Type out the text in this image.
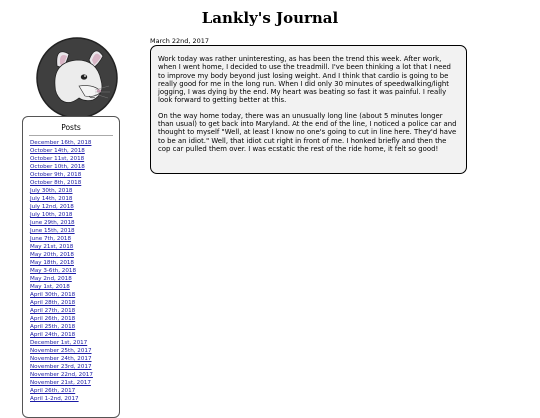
Lankly's Journal
Posts
December 16th, 2018
October 14th, 2018
October 11st, 2018
October 10th, 2018
October 9th, 2018
October 8th, 2018
July 30th, 2018
July 14th, 2018
July 12nd, 2018
July 10th, 2018
June 29th, 2018
June 15th, 2018
June 7th, 2018
May 21st, 2018
May 20th, 2018
May 18th, 2018
May 3-6th, 2018
May 2nd, 2018
May 1st, 2018
April 30th, 2018
April 28th, 2018
April 27th, 2018
April 26th, 2018
April 25th, 2018
April 24th, 2018
December 1st, 2017
November 25th, 2017
November 24th, 2017
November 23rd, 2017
November 22nd, 2017
November 21st, 2017
April 26th, 2017
April 1-2nd, 2017

March 22nd, 2017

Work today was rather uninteresting, as has been the trend this week. After work, when I went home, I decided to use the treadmill. I've been thinking a lot that I need to improve my body beyond just losing weight. And I think that cardio is going to be really good for me in the long run. When I did only 30 minutes of speedwalking/light jogging, I was dying by the end. My heart was beating so fast it was painful. I really look forward to getting better at this.

On the way home today, there was an unusually long line (about 5 minutes longer than usual) to get back into Maryland. At the end of the line, I noticed a police car and thought to myself "Well, at least I know no one's going to cut in line here. They'd have to be an idiot." Well, that idiot cut right in front of me. I honked briefly and then the cop car pulled them over. I was ecstatic the rest of the ride home, it felt so good!
